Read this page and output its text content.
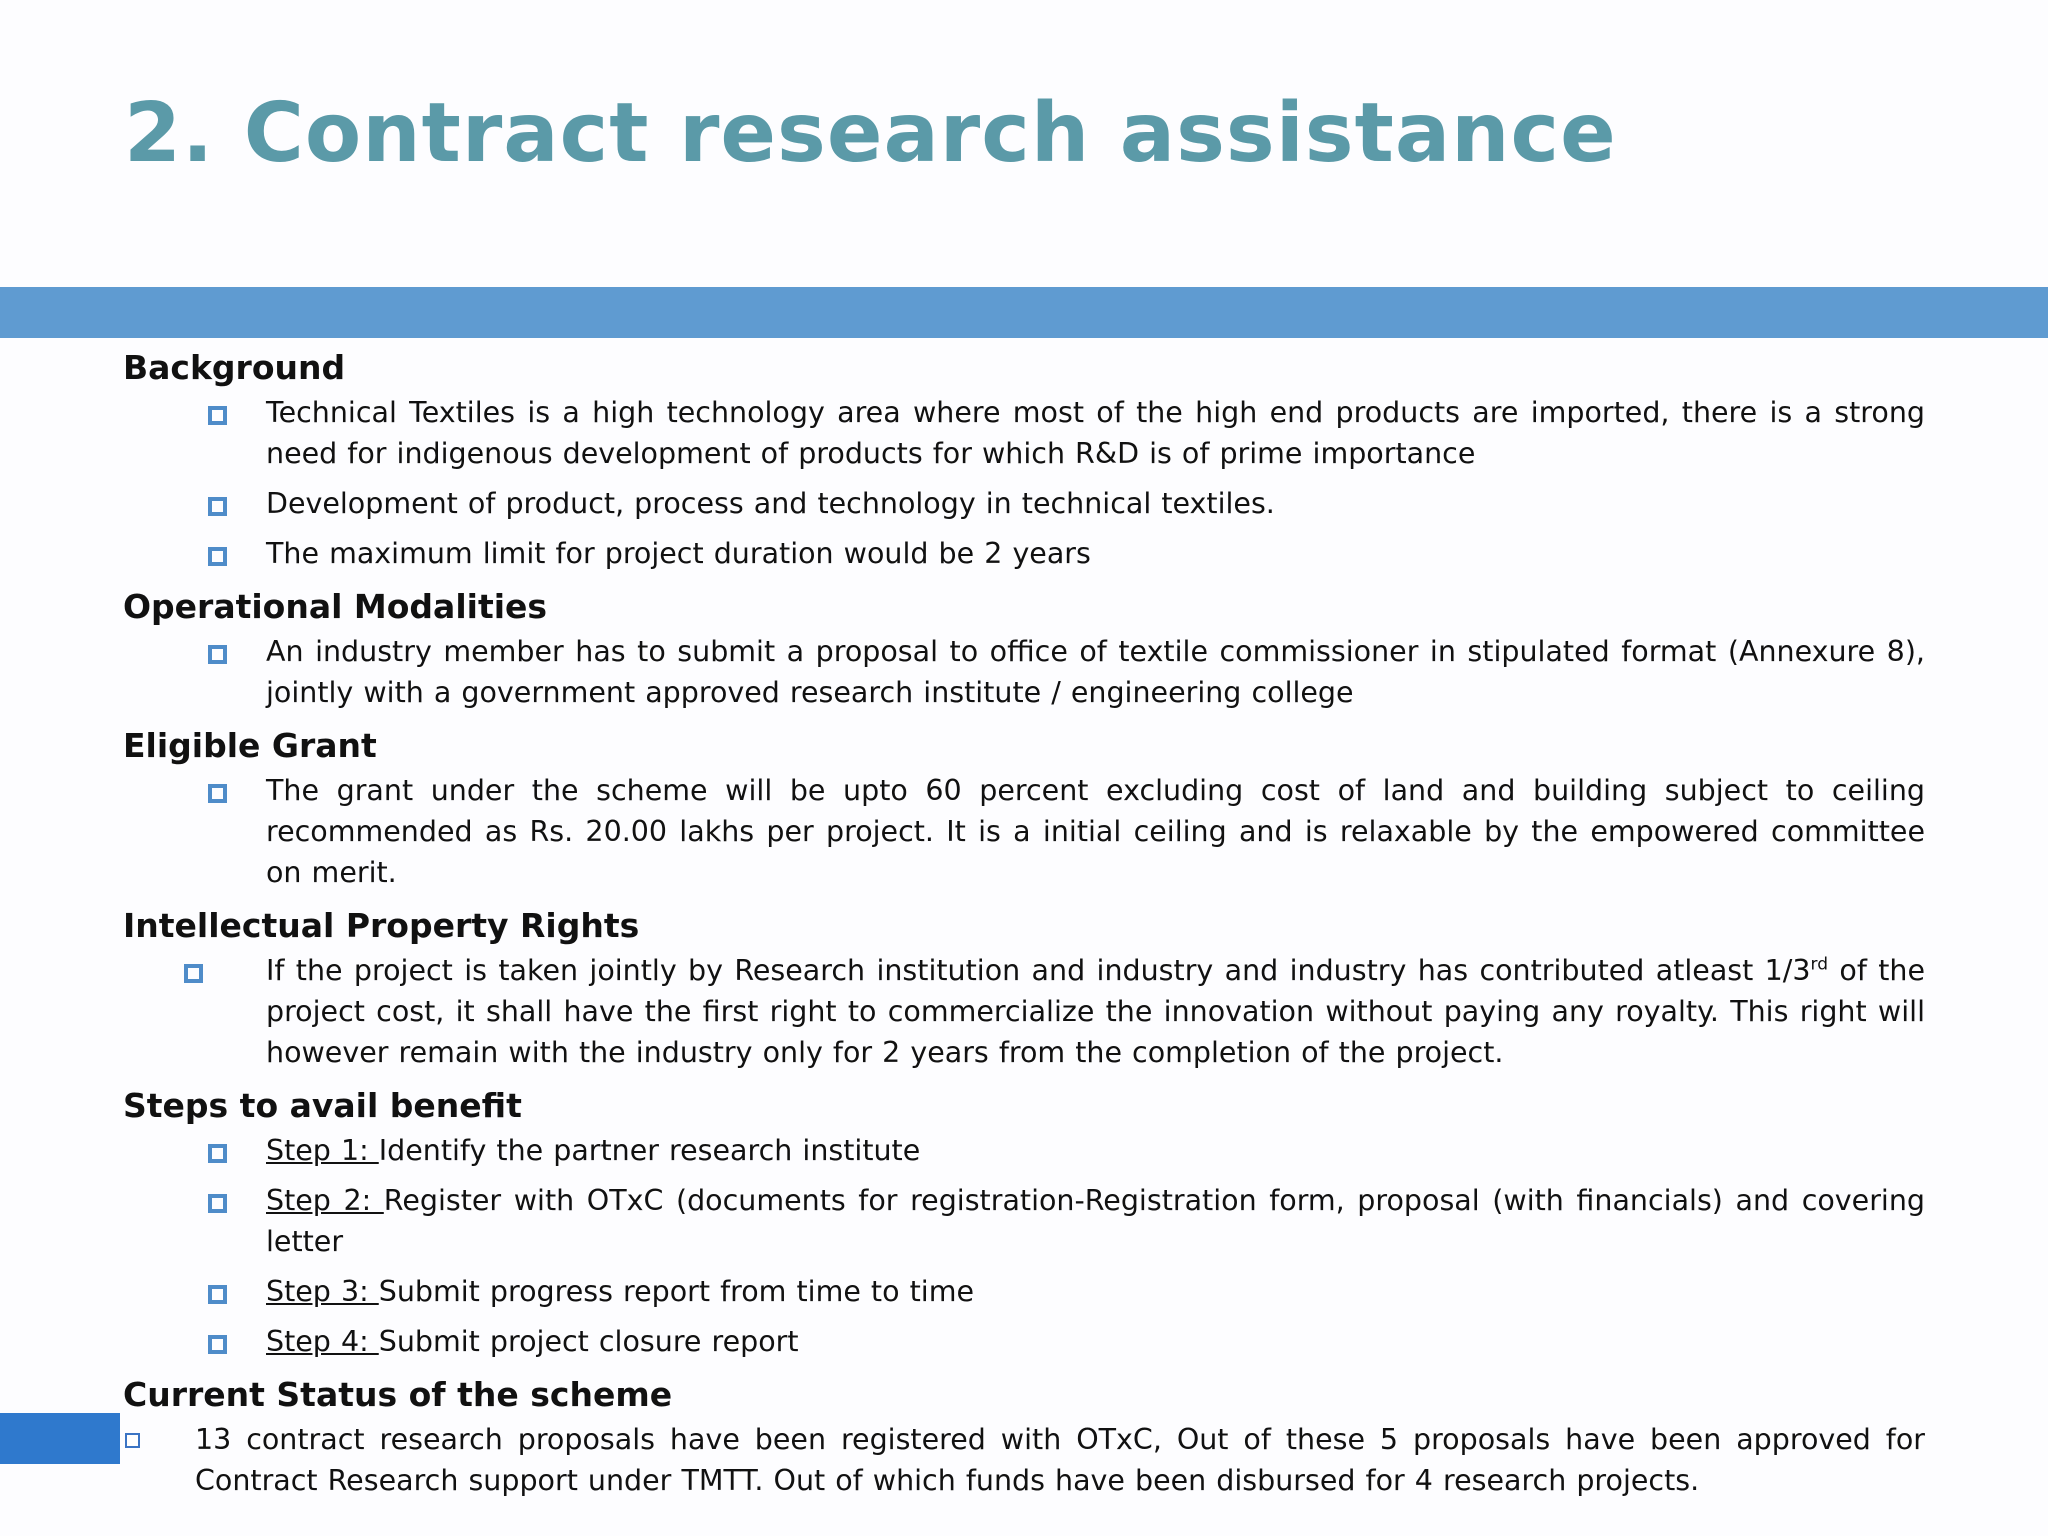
2. Contract research assistance

Background

Technical Textiles is a high technology area where most of the high end products are imported, there is a strong need for indigenous development of products for which R&D is of prime importance
Development of product, process and technology in technical textiles.
The maximum limit for project duration would be 2 years

Operational Modalities

An industry member has to submit a proposal to office of textile commissioner in stipulated format (Annexure 8), jointly with a government approved research institute / engineering college

Eligible Grant

The grant under the scheme will be upto 60 percent excluding cost of land and building subject to ceiling recommended as Rs. 20.00 lakhs per project. It is a initial ceiling and is relaxable by the empowered committee on merit.

Intellectual Property Rights

If the project is taken jointly by Research institution and industry and industry has contributed atleast 1/3rd of the project cost, it shall have the first right to commercialize the innovation without paying any royalty. This right will however remain with the industry only for 2 years from the completion of the project.

Steps to avail benefit

Step 1: Identify the partner research institute
Step 2: Register with OTxC (documents for registration-Registration form, proposal (with financials) and covering letter
Step 3: Submit progress report from time to time
Step 4: Submit project closure report

Current Status of the scheme

13 contract research proposals have been registered with OTxC, Out of these 5 proposals have been approved for Contract Research support under TMTT. Out of which funds have been disbursed for 4 research projects.
